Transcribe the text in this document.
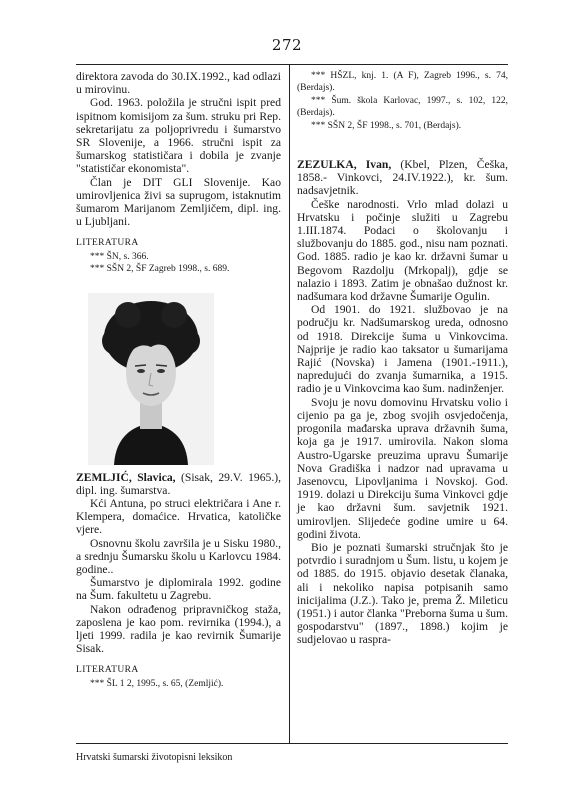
272

direktora zavoda do 30.IX.1992., kad odlazi u mirovinu.

God. 1963. položila je stručni ispit pred ispitnom komisijom za šum. struku pri Rep. sekretarijatu za poljoprivredu i šumarstvo SR Slovenije, a 1966. stručni ispit za šumarskog statističara i dobila je zvanje "statističar ekonomista".

Član je DIT GLI Slovenije. Kao umirovljenica živi sa suprugom, istaknutim šumarom Marijanom Zemljičem, dipl. ing. u Ljubljani.

LITERATURA

*** ŠN, s. 366.

*** SŠN 2, ŠF Zagreb 1998., s. 689.

ZEMLJIĆ, Slavica, (Sisak, 29.V. 1965.), dipl. ing. šumarstva.

Kći Antuna, po struci električara i Ane r. Klempera, domaćice. Hrvatica, katoličke vjere.

Osnovnu školu završila je u Sisku 1980., a srednju Šumarsku školu u Karlovcu 1984. godine..

Šumarstvo je diplomirala 1992. godine na Šum. fakultetu u Zagrebu.

Nakon odrađenog pripravničkog staža, zaposlena je kao pom. revirnika (1994.), a ljeti 1999. radila je kao revirnik Šumarije Sisak.

LITERATURA

*** ŠL 1 2, 1995., s. 65, (Zemljić).

*** HŠZL, knj. 1. (A F), Zagreb 1996., s. 74, (Berdajs).

*** Šum. škola Karlovac, 1997., s. 102, 122, (Berdajs).

*** SŠN 2, ŠF 1998., s. 701, (Berdajs).

ZEZULKA, Ivan, (Kbel, Plzen, Češka, 1858.- Vinkovci, 24.IV.1922.), kr. šum. nadsavjetnik.

Češke narodnosti. Vrlo mlad dolazi u Hrvatsku i počinje služiti u Zagrebu 1.III.1874. Podaci o školovanju i službovanju do 1885. god., nisu nam poznati. God. 1885. radio je kao kr. državni šumar u Begovom Razdolju (Mrkopalj), gdje se nalazio i 1893. Zatim je obnašao dužnost kr. nadšumara kod državne Šumarije Ogulin.

Od 1901. do 1921. službovao je na području kr. Nadšumarskog ureda, odnosno od 1918. Direkcije šuma u Vinkovcima. Najprije je radio kao taksator u šumarijama Rajić (Novska) i Jamena (1901.-1911.), napredujući do zvanja šumarnika, a 1915. radio je u Vinkovcima kao šum. nadinženjer.

Svoju je novu domovinu Hrvatsku volio i cijenio pa ga je, zbog svojih osvjedočenja, progonila mađarska uprava državnih šuma, koja ga je 1917. umirovila. Nakon sloma Austro-Ugarske preuzima upravu Šumarije Nova Gradiška i nadzor nad upravama u Jasenovcu, Lipovljanima i Novskoj. God. 1919. dolazi u Direkciju šuma Vinkovci gdje je kao državni šum. savjetnik 1921. umirovljen. Slijedeće godine umire u 64. godini života.

Bio je poznati šumarski stručnjak što je potvrdio i suradnjom u Šum. listu, u kojem je od 1885. do 1915. objavio desetak članaka, ali i nekoliko napisa potpisanih samo inicijalima (J.Z.). Tako je, prema Ž. Mileticu (1951.) i autor članka "Preborna šuma u šum. gospodarstvu" (1897., 1898.) kojim je sudjelovao u raspra-

Hrvatski šumarski životopisni leksikon
